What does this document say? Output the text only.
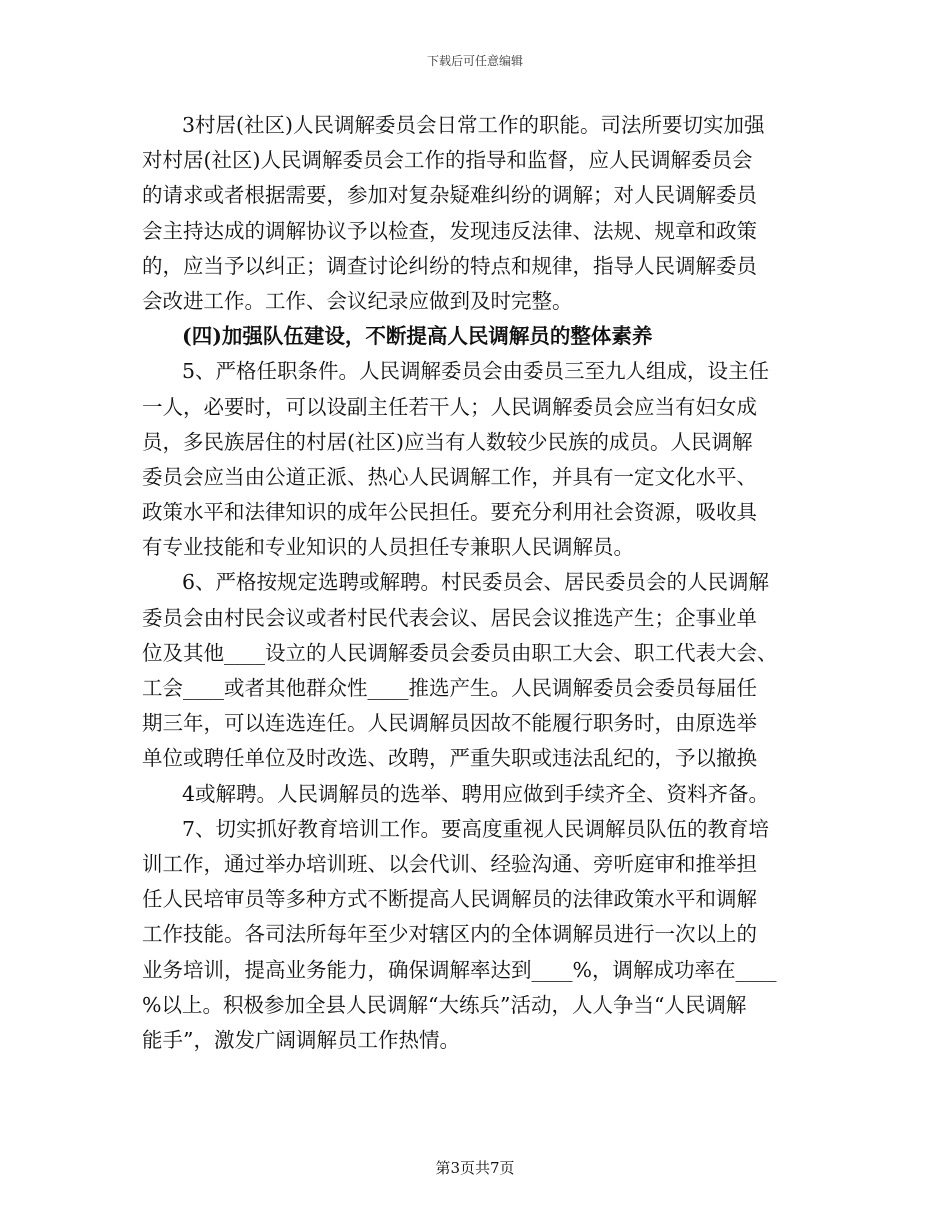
下载后可任意编辑
3村居(社区)人民调解委员会日常工作的职能。司法所要切实加强
对村居(社区)人民调解委员会工作的指导和监督，应人民调解委员会
的请求或者根据需要，参加对复杂疑难纠纷的调解；对人民调解委员
会主持达成的调解协议予以检查，发现违反法律、法规、规章和政策
的，应当予以纠正；调查讨论纠纷的特点和规律，指导人民调解委员
会改进工作。工作、会议纪录应做到及时完整。
(四)加强队伍建设，不断提高人民调解员的整体素养
5、严格任职条件。人民调解委员会由委员三至九人组成，设主任
一人，必要时，可以设副主任若干人；人民调解委员会应当有妇女成
员，多民族居住的村居(社区)应当有人数较少民族的成员。人民调解
委员会应当由公道正派、热心人民调解工作，并具有一定文化水平、
政策水平和法律知识的成年公民担任。要充分利用社会资源，吸收具
有专业技能和专业知识的人员担任专兼职人民调解员。
6、严格按规定选聘或解聘。村民委员会、居民委员会的人民调解
委员会由村民会议或者村民代表会议、居民会议推选产生；企事业单
位及其他____设立的人民调解委员会委员由职工大会、职工代表大会、
工会____或者其他群众性____推选产生。人民调解委员会委员每届任
期三年，可以连选连任。人民调解员因故不能履行职务时，由原选举
单位或聘任单位及时改选、改聘，严重失职或违法乱纪的，予以撤换
4或解聘。人民调解员的选举、聘用应做到手续齐全、资料齐备。
7、切实抓好教育培训工作。要高度重视人民调解员队伍的教育培
训工作，通过举办培训班、以会代训、经验沟通、旁听庭审和推举担
任人民培审员等多种方式不断提高人民调解员的法律政策水平和调解
工作技能。各司法所每年至少对辖区内的全体调解员进行一次以上的
业务培训，提高业务能力，确保调解率达到____%，调解成功率在____
%以上。积极参加全县人民调解“大练兵”活动，人人争当“人民调解
能手”，激发广阔调解员工作热情。
第3页共7页
